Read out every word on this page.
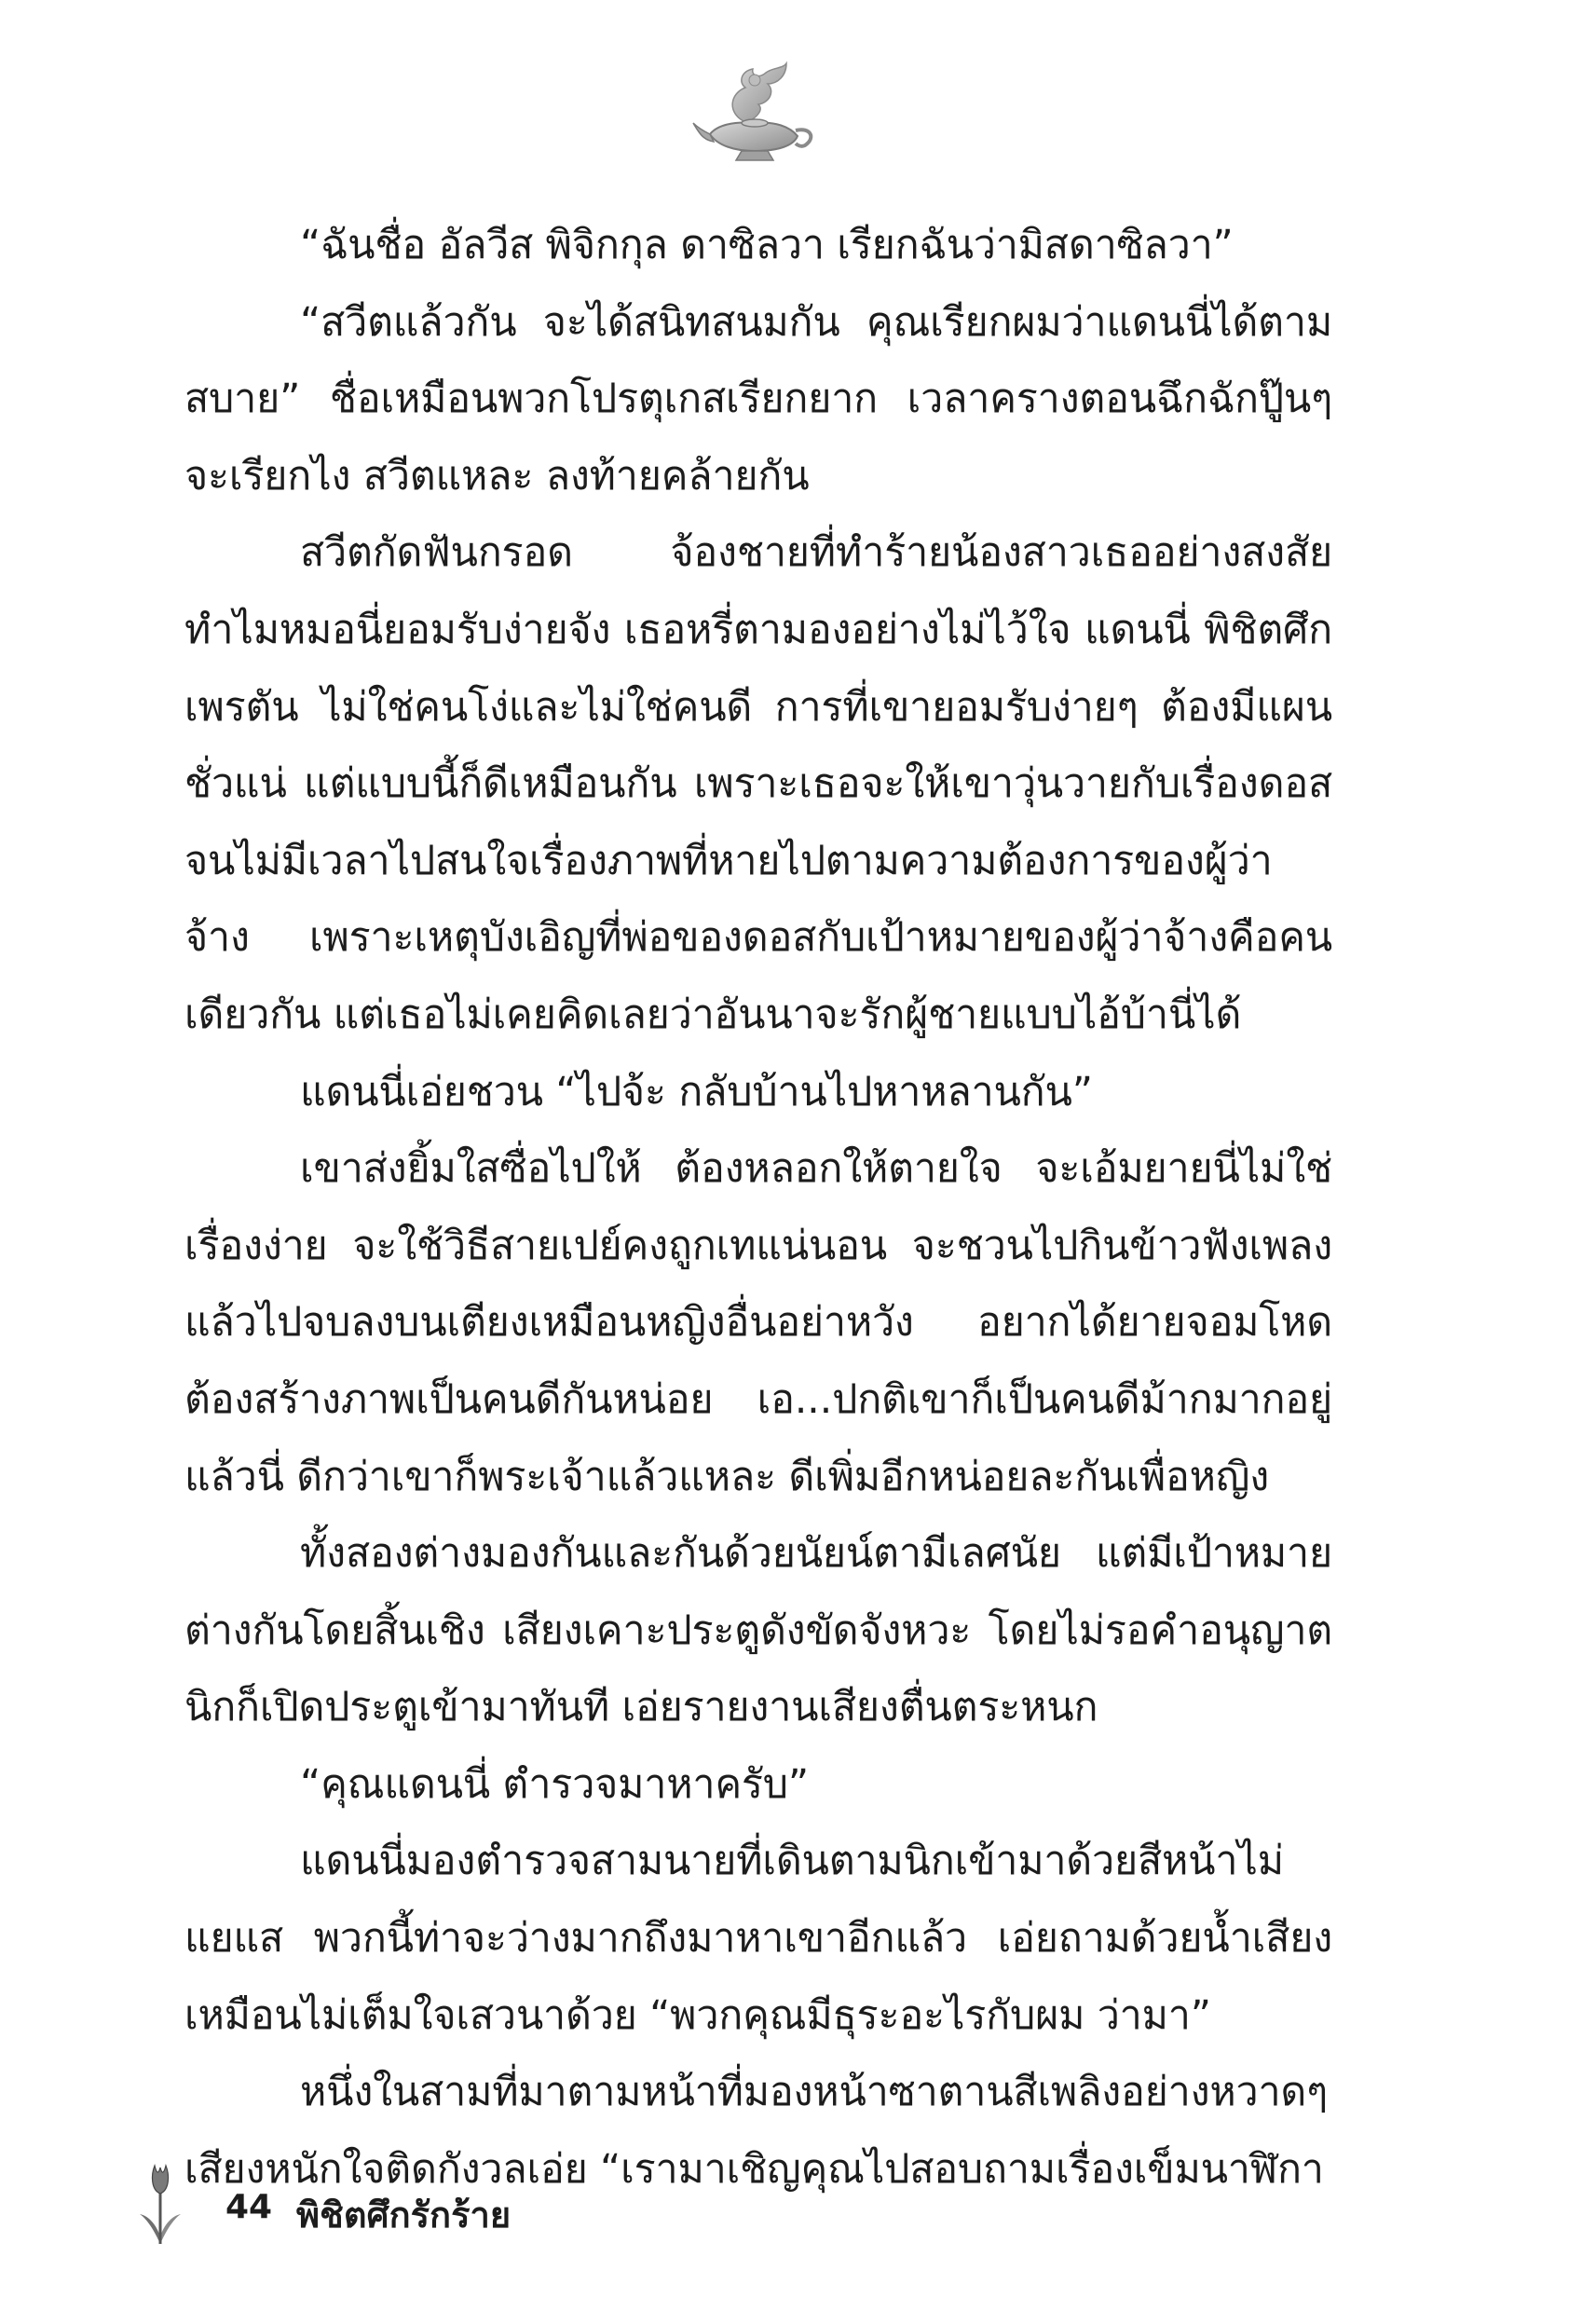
“ฉันชื่อ อัลวีส พิจิกกุล ดาซิลวา เรียกฉันว่ามิสดาซิลวา”

“สวีตแล้วกัน จะได้สนิทสนมกัน คุณเรียกผมว่าแดนนี่ได้ตามสบาย” ชื่อเหมือนพวกโปรตุเกสเรียกยาก เวลาครางตอนฉึกฉักปู๊นๆ จะเรียกไง สวีตแหละ ลงท้ายคล้ายกัน

สวีตกัดฟันกรอด จ้องชายที่ทำร้ายน้องสาวเธออย่างสงสัย ทำไมหมอนี่ยอมรับง่ายจัง เธอหรี่ตามองอย่างไม่ไว้ใจ แดนนี่ พิชิตศึกเพรตัน ไม่ใช่คนโง่และไม่ใช่คนดี การที่เขายอมรับง่ายๆ ต้องมีแผนชั่วแน่ แต่แบบนี้ก็ดีเหมือนกัน เพราะเธอจะให้เขาวุ่นวายกับเรื่องดอสจนไม่มีเวลาไปสนใจเรื่องภาพที่หายไปตามความต้องการของผู้ว่าจ้าง เพราะเหตุบังเอิญที่พ่อของดอสกับเป้าหมายของผู้ว่าจ้างคือคนเดียวกัน แต่เธอไม่เคยคิดเลยว่าอันนาจะรักผู้ชายแบบไอ้บ้านี่ได้

แดนนี่เอ่ยชวน “ไปจ้ะ กลับบ้านไปหาหลานกัน”

เขาส่งยิ้มใสซื่อไปให้ ต้องหลอกให้ตายใจ จะเอ้มยายนี่ไม่ใช่เรื่องง่าย จะใช้วิธีสายเปย์คงถูกเทแน่นอน จะชวนไปกินข้าวฟังเพลงแล้วไปจบลงบนเตียงเหมือนหญิงอื่นอย่าหวัง อยากได้ยายจอมโหดต้องสร้างภาพเป็นคนดีกันหน่อย เอ...ปกติเขาก็เป็นคนดีม้ากมากอยู่แล้วนี่ ดีกว่าเขาก็พระเจ้าแล้วแหละ ดีเพิ่มอีกหน่อยละกันเพื่อหญิง

ทั้งสองต่างมองกันและกันด้วยนัยน์ตามีเลศนัย แต่มีเป้าหมายต่างกันโดยสิ้นเชิง เสียงเคาะประตูดังขัดจังหวะ โดยไม่รอคำอนุญาตนิกก็เปิดประตูเข้ามาทันที เอ่ยรายงานเสียงตื่นตระหนก

“คุณแดนนี่ ตำรวจมาหาครับ”

แดนนี่มองตำรวจสามนายที่เดินตามนิกเข้ามาด้วยสีหน้าไม่แยแส พวกนี้ท่าจะว่างมากถึงมาหาเขาอีกแล้ว เอ่ยถามด้วยน้ำเสียงเหมือนไม่เต็มใจเสวนาด้วย “พวกคุณมีธุระอะไรกับผม ว่ามา”

หนึ่งในสามที่มาตามหน้าที่มองหน้าซาตานสีเพลิงอย่างหวาดๆ เสียงหนักใจติดกังวลเอ่ย “เรามาเชิญคุณไปสอบถามเรื่องเข็มนาฬิกา

44 พิชิตศึกรักร้าย
